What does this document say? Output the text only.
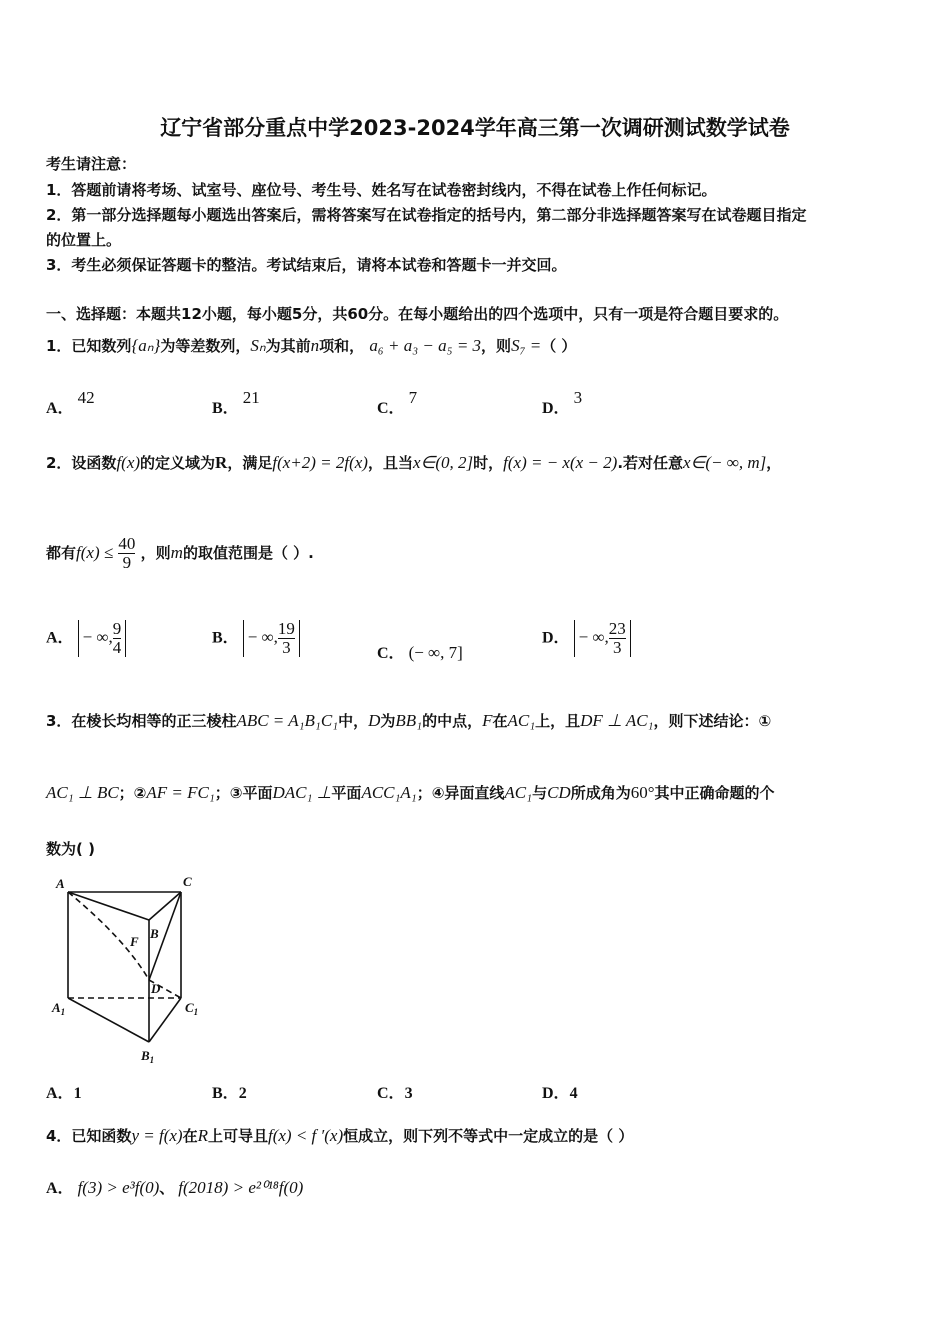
辽宁省部分重点中学2023-2024学年高三第一次调研测试数学试卷
考生请注意：
1．答题前请将考场、试室号、座位号、考生号、姓名写在试卷密封线内，不得在试卷上作任何标记。
2．第一部分选择题每小题选出答案后，需将答案写在试卷指定的括号内，第二部分非选择题答案写在试卷题目指定
的位置上。
3．考生必须保证答题卡的整洁。考试结束后，请将本试卷和答题卡一并交回。
一、选择题：本题共12小题，每小题5分，共60分。在每小题给出的四个选项中，只有一项是符合题目要求的。
1．已知数列{aₙ}为等差数列，Sₙ为其前n项和， a₆ + a₃ − a₅ = 3，则S₇ =（ ）
A． 42
B． 21
C． 7
D． 3
2．设函数f(x)的定义域为R，满足f(x+2) = 2f(x)，且当x∈(0, 2]时，f(x) = − x(x − 2).若对任意x∈(− ∞, m]，
都有$f(x) \le \frac{40}{9}$ ，则m的取值范围是（ ）.
A． − ∞, $\frac{9}{4}$	B． − ∞, $\frac{19}{3}$	C． (− ∞, 7]
D． − ∞, $\frac{23}{3}$
3．在棱长均相等的正三棱柱ABC = A₁B₁C₁中，D为BB₁的中点，F在AC₁上，且DF ⊥ AC₁，则下述结论：①
AC₁ ⊥ BC；②AF = FC₁；③平面DAC₁ ⊥平面ACC₁A₁；④异面直线AC₁与CD所成角为60°其中正确命题的个
数为( )
A	C
B
F
D
$A_1$	$C_1$
$B_1$
A．1	B．2	C．3	D．4
4．已知函数y = f(x)在R上可导且f(x) < f ′(x)恒成立，则下列不等式中一定成立的是（ ）
A． f(3) > e³f(0)、 f(2018) > e²⁰¹⁸f(0)
